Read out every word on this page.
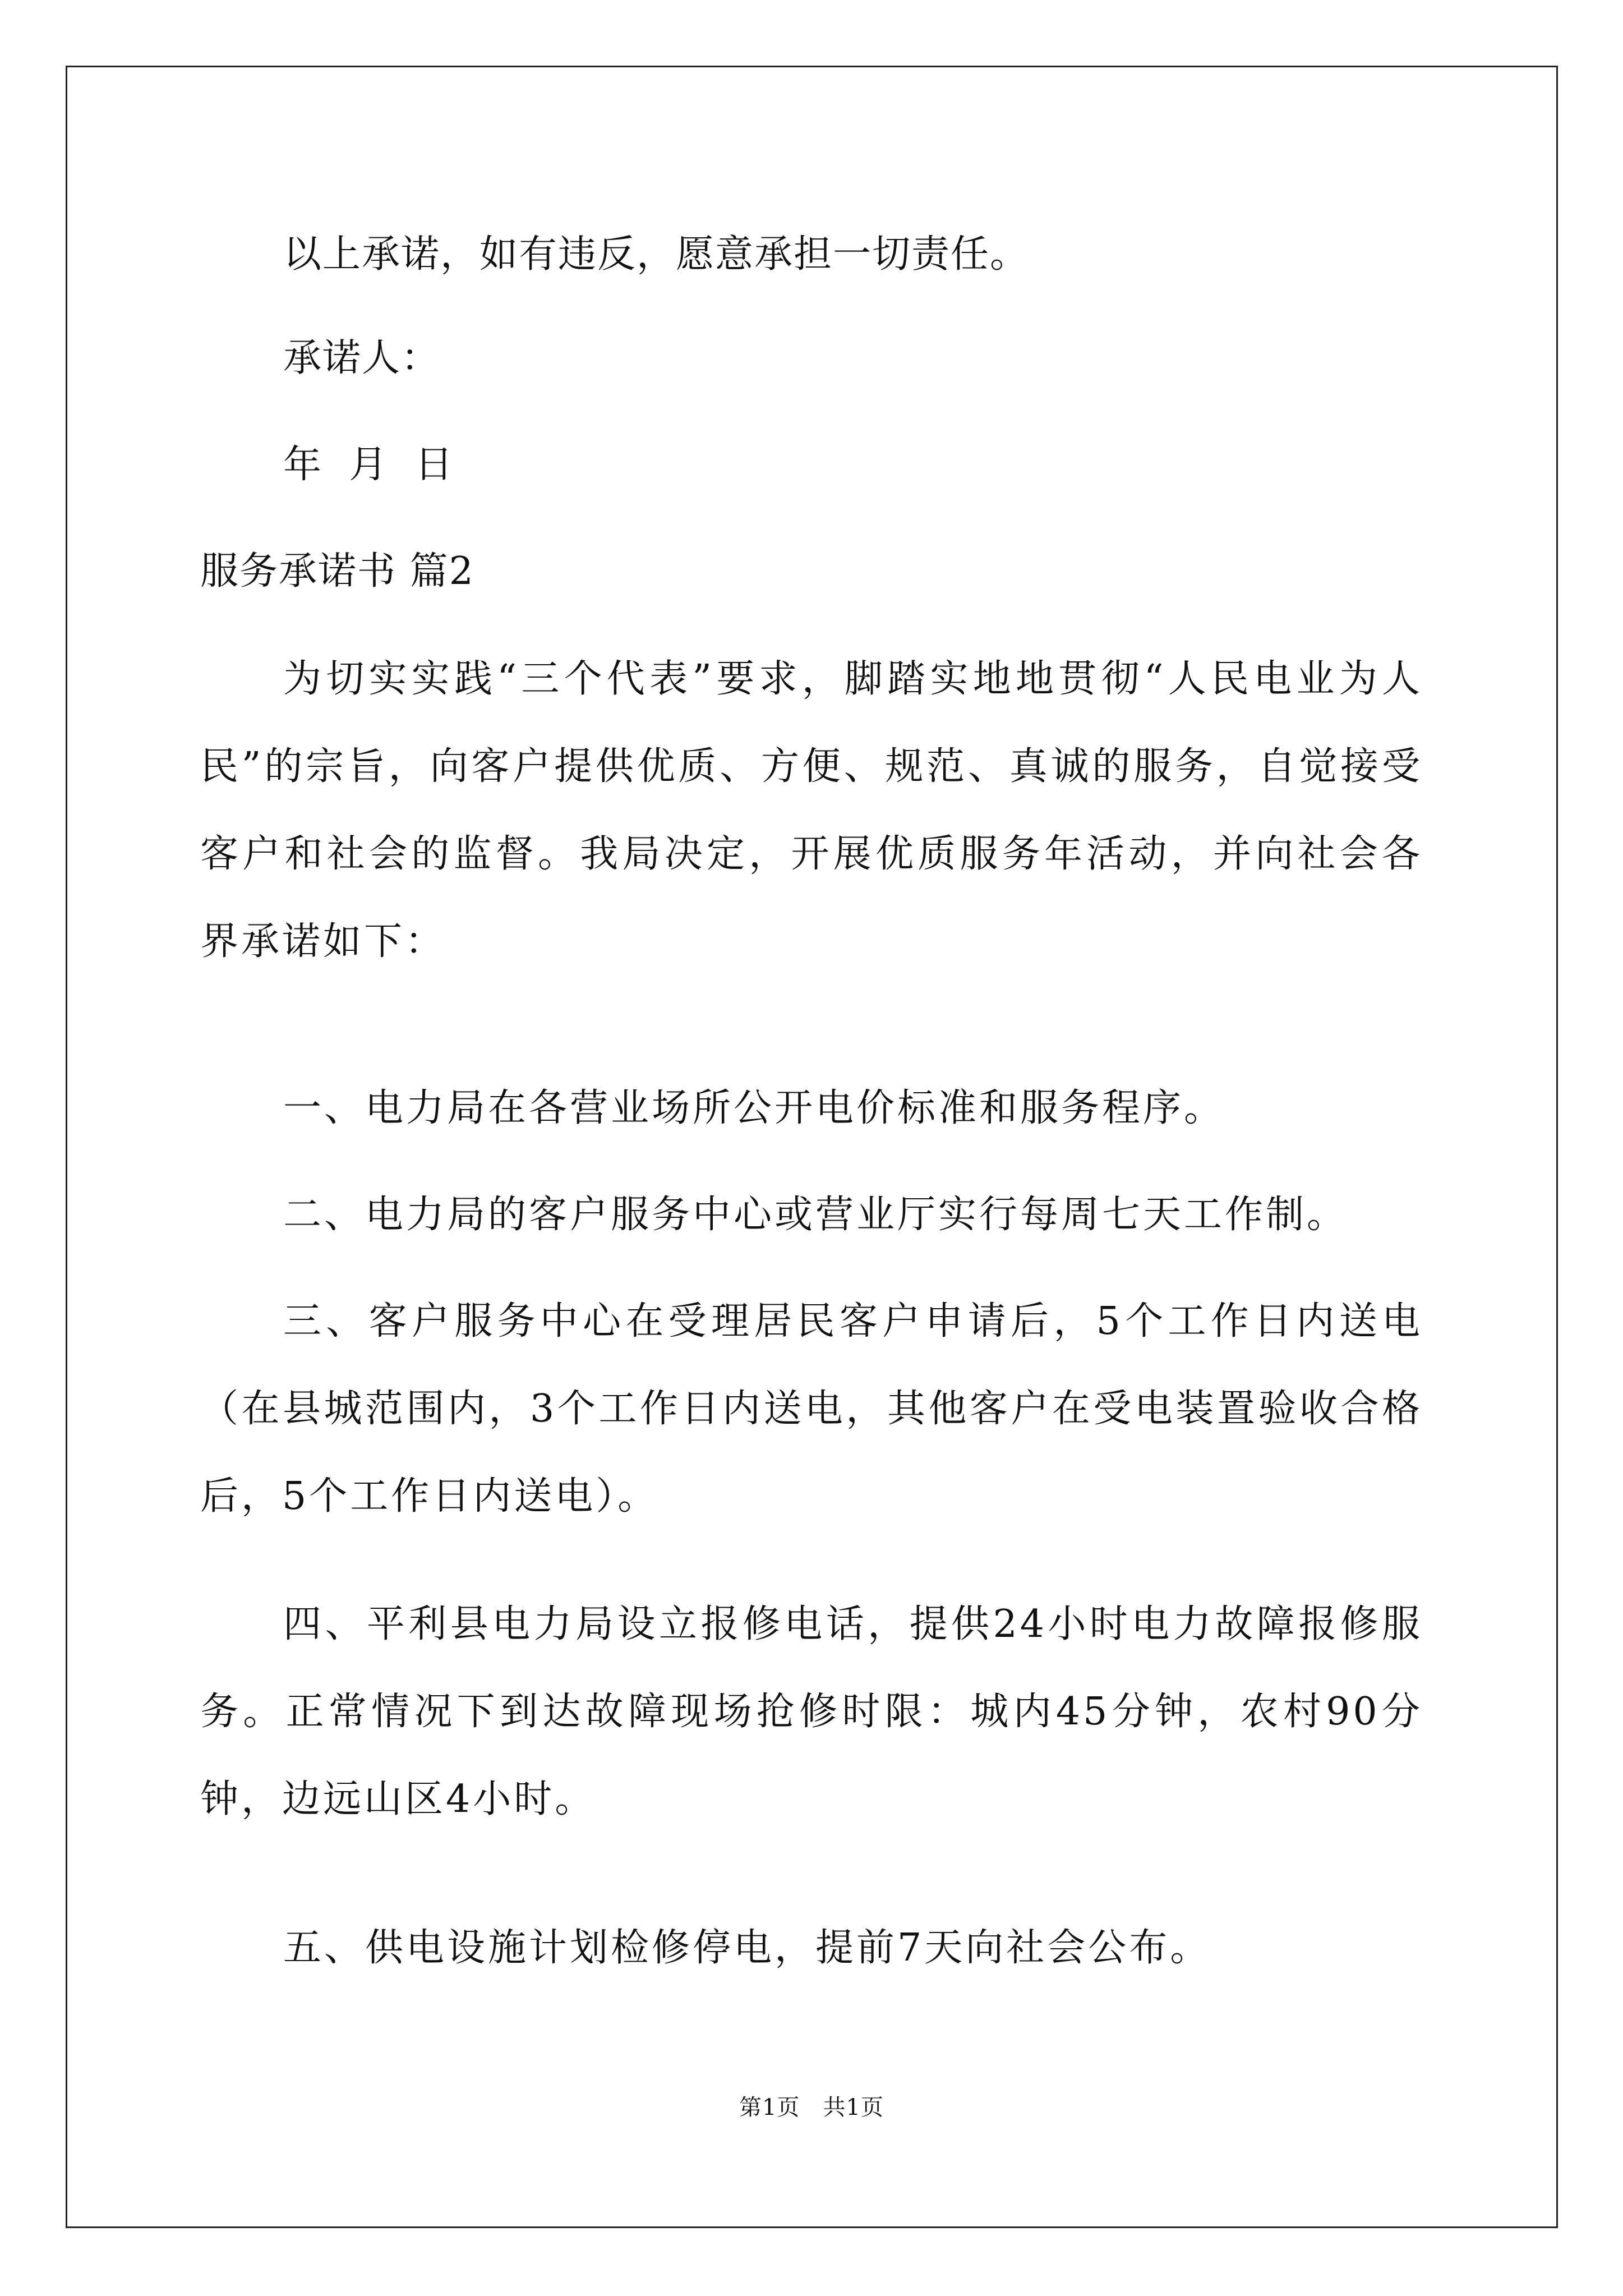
以上承诺，如有违反，愿意承担一切责任。
承诺人：
年  月  日
服务承诺书 篇2
为切实实践“三个代表”要求，脚踏实地地贯彻“人民电业为人民”的宗旨，向客户提供优质、方便、规范、真诚的服务，自觉接受客户和社会的监督。我局决定，开展优质服务年活动，并向社会各界承诺如下：
一、电力局在各营业场所公开电价标准和服务程序。
二、电力局的客户服务中心或营业厅实行每周七天工作制。
三、客户服务中心在受理居民客户申请后，5个工作日内送电（在县城范围内，3个工作日内送电，其他客户在受电装置验收合格后，5个工作日内送电）。
四、平利县电力局设立报修电话，提供24小时电力故障报修服务。正常情况下到达故障现场抢修时限：城内45分钟，农村90分钟，边远山区4小时。
五、供电设施计划检修停电，提前7天向社会公布。
第1页   共1页
